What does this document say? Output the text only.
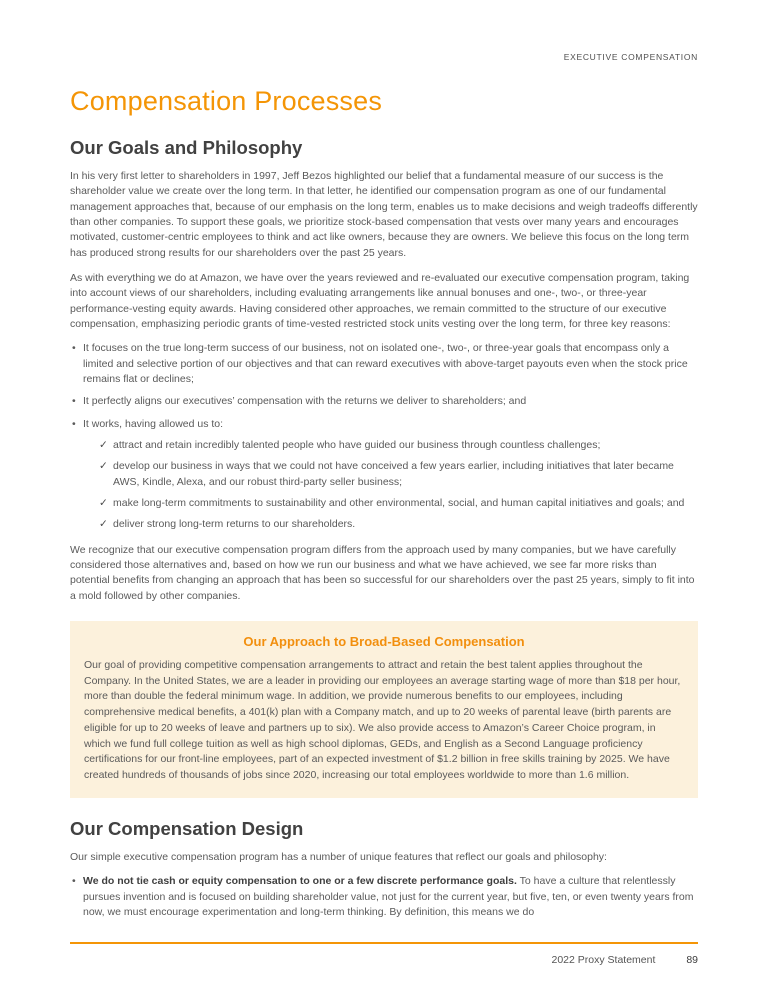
EXECUTIVE COMPENSATION
Compensation Processes
Our Goals and Philosophy

In his very first letter to shareholders in 1997, Jeff Bezos highlighted our belief that a fundamental measure of our success is the shareholder value we create over the long term. In that letter, he identified our compensation program as one of our fundamental management approaches that, because of our emphasis on the long term, enables us to make decisions and weigh tradeoffs differently than other companies. To support these goals, we prioritize stock-based compensation that vests over many years and encourages motivated, customer-centric employees to think and act like owners, because they are owners. We believe this focus on the long term has produced strong results for our shareholders over the past 25 years.

As with everything we do at Amazon, we have over the years reviewed and re-evaluated our executive compensation program, taking into account views of our shareholders, including evaluating arrangements like annual bonuses and one-, two-, or three-year performance-vesting equity awards. Having considered other approaches, we remain committed to the structure of our executive compensation, emphasizing periodic grants of time-vested restricted stock units vesting over the long term, for three key reasons:

• It focuses on the true long-term success of our business, not on isolated one-, two-, or three-year goals that encompass only a limited and selective portion of our objectives and that can reward executives with above-target payouts even when the stock price remains flat or declines;
• It perfectly aligns our executives’ compensation with the returns we deliver to shareholders; and
• It works, having allowed us to:
✓ attract and retain incredibly talented people who have guided our business through countless challenges;
✓ develop our business in ways that we could not have conceived a few years earlier, including initiatives that later became AWS, Kindle, Alexa, and our robust third-party seller business;
✓ make long-term commitments to sustainability and other environmental, social, and human capital initiatives and goals; and
✓ deliver strong long-term returns to our shareholders.

We recognize that our executive compensation program differs from the approach used by many companies, but we have carefully considered those alternatives and, based on how we run our business and what we have achieved, we see far more risks than potential benefits from changing an approach that has been so successful for our shareholders over the past 25 years, simply to fit into a mold followed by other companies.

Our Approach to Broad-Based Compensation

Our goal of providing competitive compensation arrangements to attract and retain the best talent applies throughout the Company. In the United States, we are a leader in providing our employees an average starting wage of more than $18 per hour, more than double the federal minimum wage. In addition, we provide numerous benefits to our employees, including comprehensive medical benefits, a 401(k) plan with a Company match, and up to 20 weeks of parental leave (birth parents are eligible for up to 20 weeks of leave and partners up to six). We also provide access to Amazon’s Career Choice program, in which we fund full college tuition as well as high school diplomas, GEDs, and English as a Second Language proficiency certifications for our front-line employees, part of an expected investment of $1.2 billion in free skills training by 2025. We have created hundreds of thousands of jobs since 2020, increasing our total employees worldwide to more than 1.6 million.

Our Compensation Design

Our simple executive compensation program has a number of unique features that reflect our goals and philosophy:

• We do not tie cash or equity compensation to one or a few discrete performance goals. To have a culture that relentlessly pursues invention and is focused on building shareholder value, not just for the current year, but five, ten, or even twenty years from now, we must encourage experimentation and long-term thinking. By definition, this means we do
2022 Proxy Statement	89
